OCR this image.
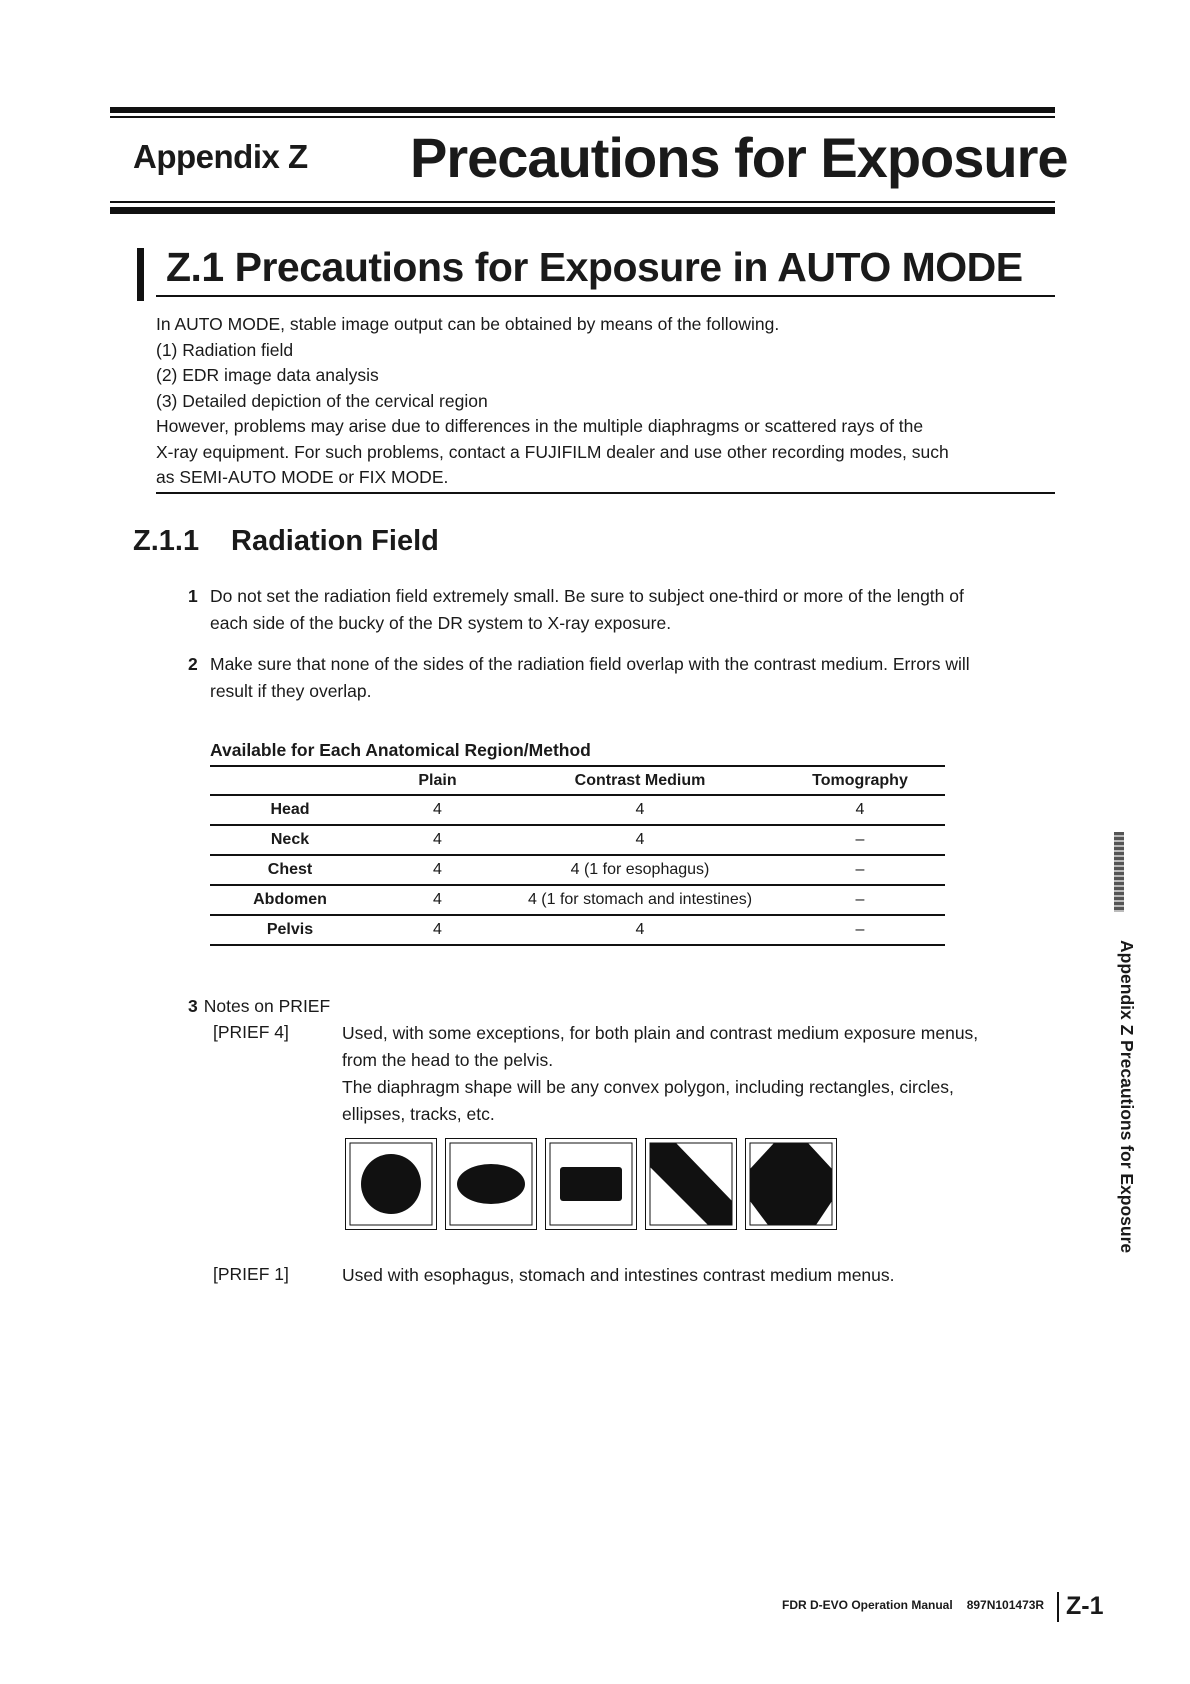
Appendix Z Precautions for Exposure
Z.1 Precautions for Exposure in AUTO MODE
In AUTO MODE, stable image output can be obtained by means of the following.
(1) Radiation field
(2) EDR image data analysis
(3) Detailed depiction of the cervical region
However, problems may arise due to differences in the multiple diaphragms or scattered rays of the
X-ray equipment. For such problems, contact a FUJIFILM dealer and use other recording modes, such
as SEMI-AUTO MODE or FIX MODE.
Z.1.1 Radiation Field
1 Do not set the radiation field extremely small. Be sure to subject one-third or more of the length of
each side of the bucky of the DR system to X-ray exposure.
2 Make sure that none of the sides of the radiation field overlap with the contrast medium. Errors will
result if they overlap.
Available for Each Anatomical Region/Method
	Plain	Contrast Medium	Tomography
Head	4	4	4
Neck	4	4	–
Chest	4	4 (1 for esophagus)	–
Abdomen	4	4 (1 for stomach and intestines)	–
Pelvis	4	4	–
3 Notes on PRIEF
[PRIEF 4]	Used, with some exceptions, for both plain and contrast medium exposure menus,
from the head to the pelvis.
The diaphragm shape will be any convex polygon, including rectangles, circles,
ellipses, tracks, etc.
[PRIEF 1]	Used with esophagus, stomach and intestines contrast medium menus.
Appendix Z Precautions for Exposure
FDR D-EVO Operation Manual 897N101473R Z-1
